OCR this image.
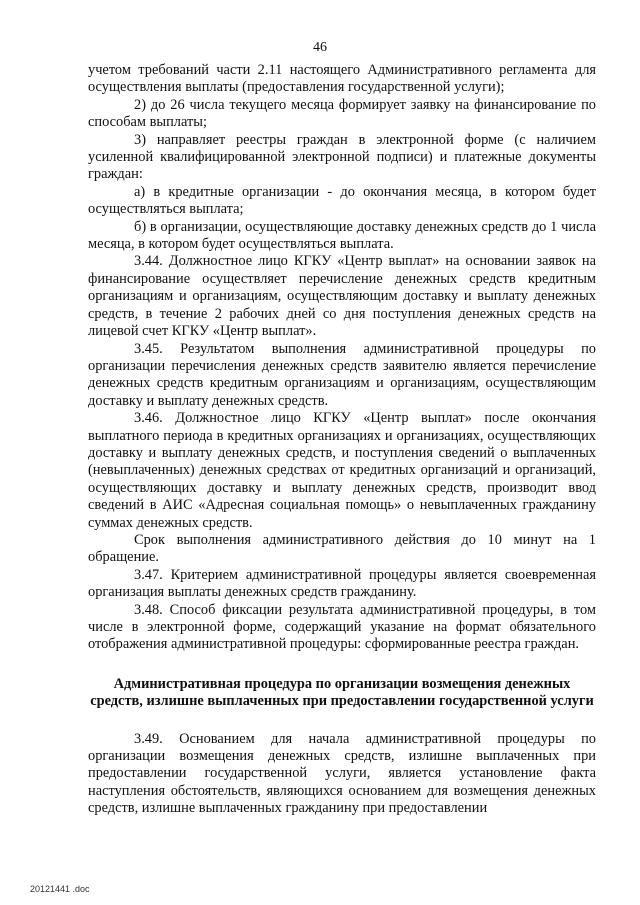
46

учетом требований части 2.11 настоящего Административного регламента для осуществления выплаты (предоставления государственной услуги);

2) до 26 числа текущего месяца формирует заявку на финансирование по способам выплаты;

3) направляет реестры граждан в электронной форме (с наличием усиленной квалифицированной электронной подписи) и платежные документы граждан:

а) в кредитные организации - до окончания месяца, в котором будет осуществляться выплата;

б) в организации, осуществляющие доставку денежных средств до 1 числа месяца, в котором будет осуществляться выплата.

3.44. Должностное лицо КГКУ «Центр выплат» на основании заявок на финансирование осуществляет перечисление денежных средств кредитным организациям и организациям, осуществляющим доставку и выплату денежных средств, в течение 2 рабочих дней со дня поступления денежных средств на лицевой счет КГКУ «Центр выплат».

3.45. Результатом выполнения административной процедуры по организации перечисления денежных средств заявителю является перечисление денежных средств кредитным организациям и организациям, осуществляющим доставку и выплату денежных средств.

3.46. Должностное лицо КГКУ «Центр выплат» после окончания выплатного периода в кредитных организациях и организациях, осуществляющих доставку и выплату денежных средств, и поступления сведений о выплаченных (невыплаченных) денежных средствах от кредитных организаций и организаций, осуществляющих доставку и выплату денежных средств, производит ввод сведений в АИС «Адресная социальная помощь» о невыплаченных гражданину суммах денежных средств.

Срок выполнения административного действия до 10 минут на 1 обращение.

3.47. Критерием административной процедуры является своевременная организация выплаты денежных средств гражданину.

3.48. Способ фиксации результата административной процедуры, в том числе в электронной форме, содержащий указание на формат обязательного отображения административной процедуры: сформированные реестра граждан.

Административная процедура по организации возмещения денежных средств, излишне выплаченных при предоставлении государственной услуги

3.49. Основанием для начала административной процедуры по организации возмещения денежных средств, излишне выплаченных при предоставлении государственной услуги, является установление факта наступления обстоятельств, являющихся основанием для возмещения денежных средств, излишне выплаченных гражданину при предоставлении

20121441 .doc
